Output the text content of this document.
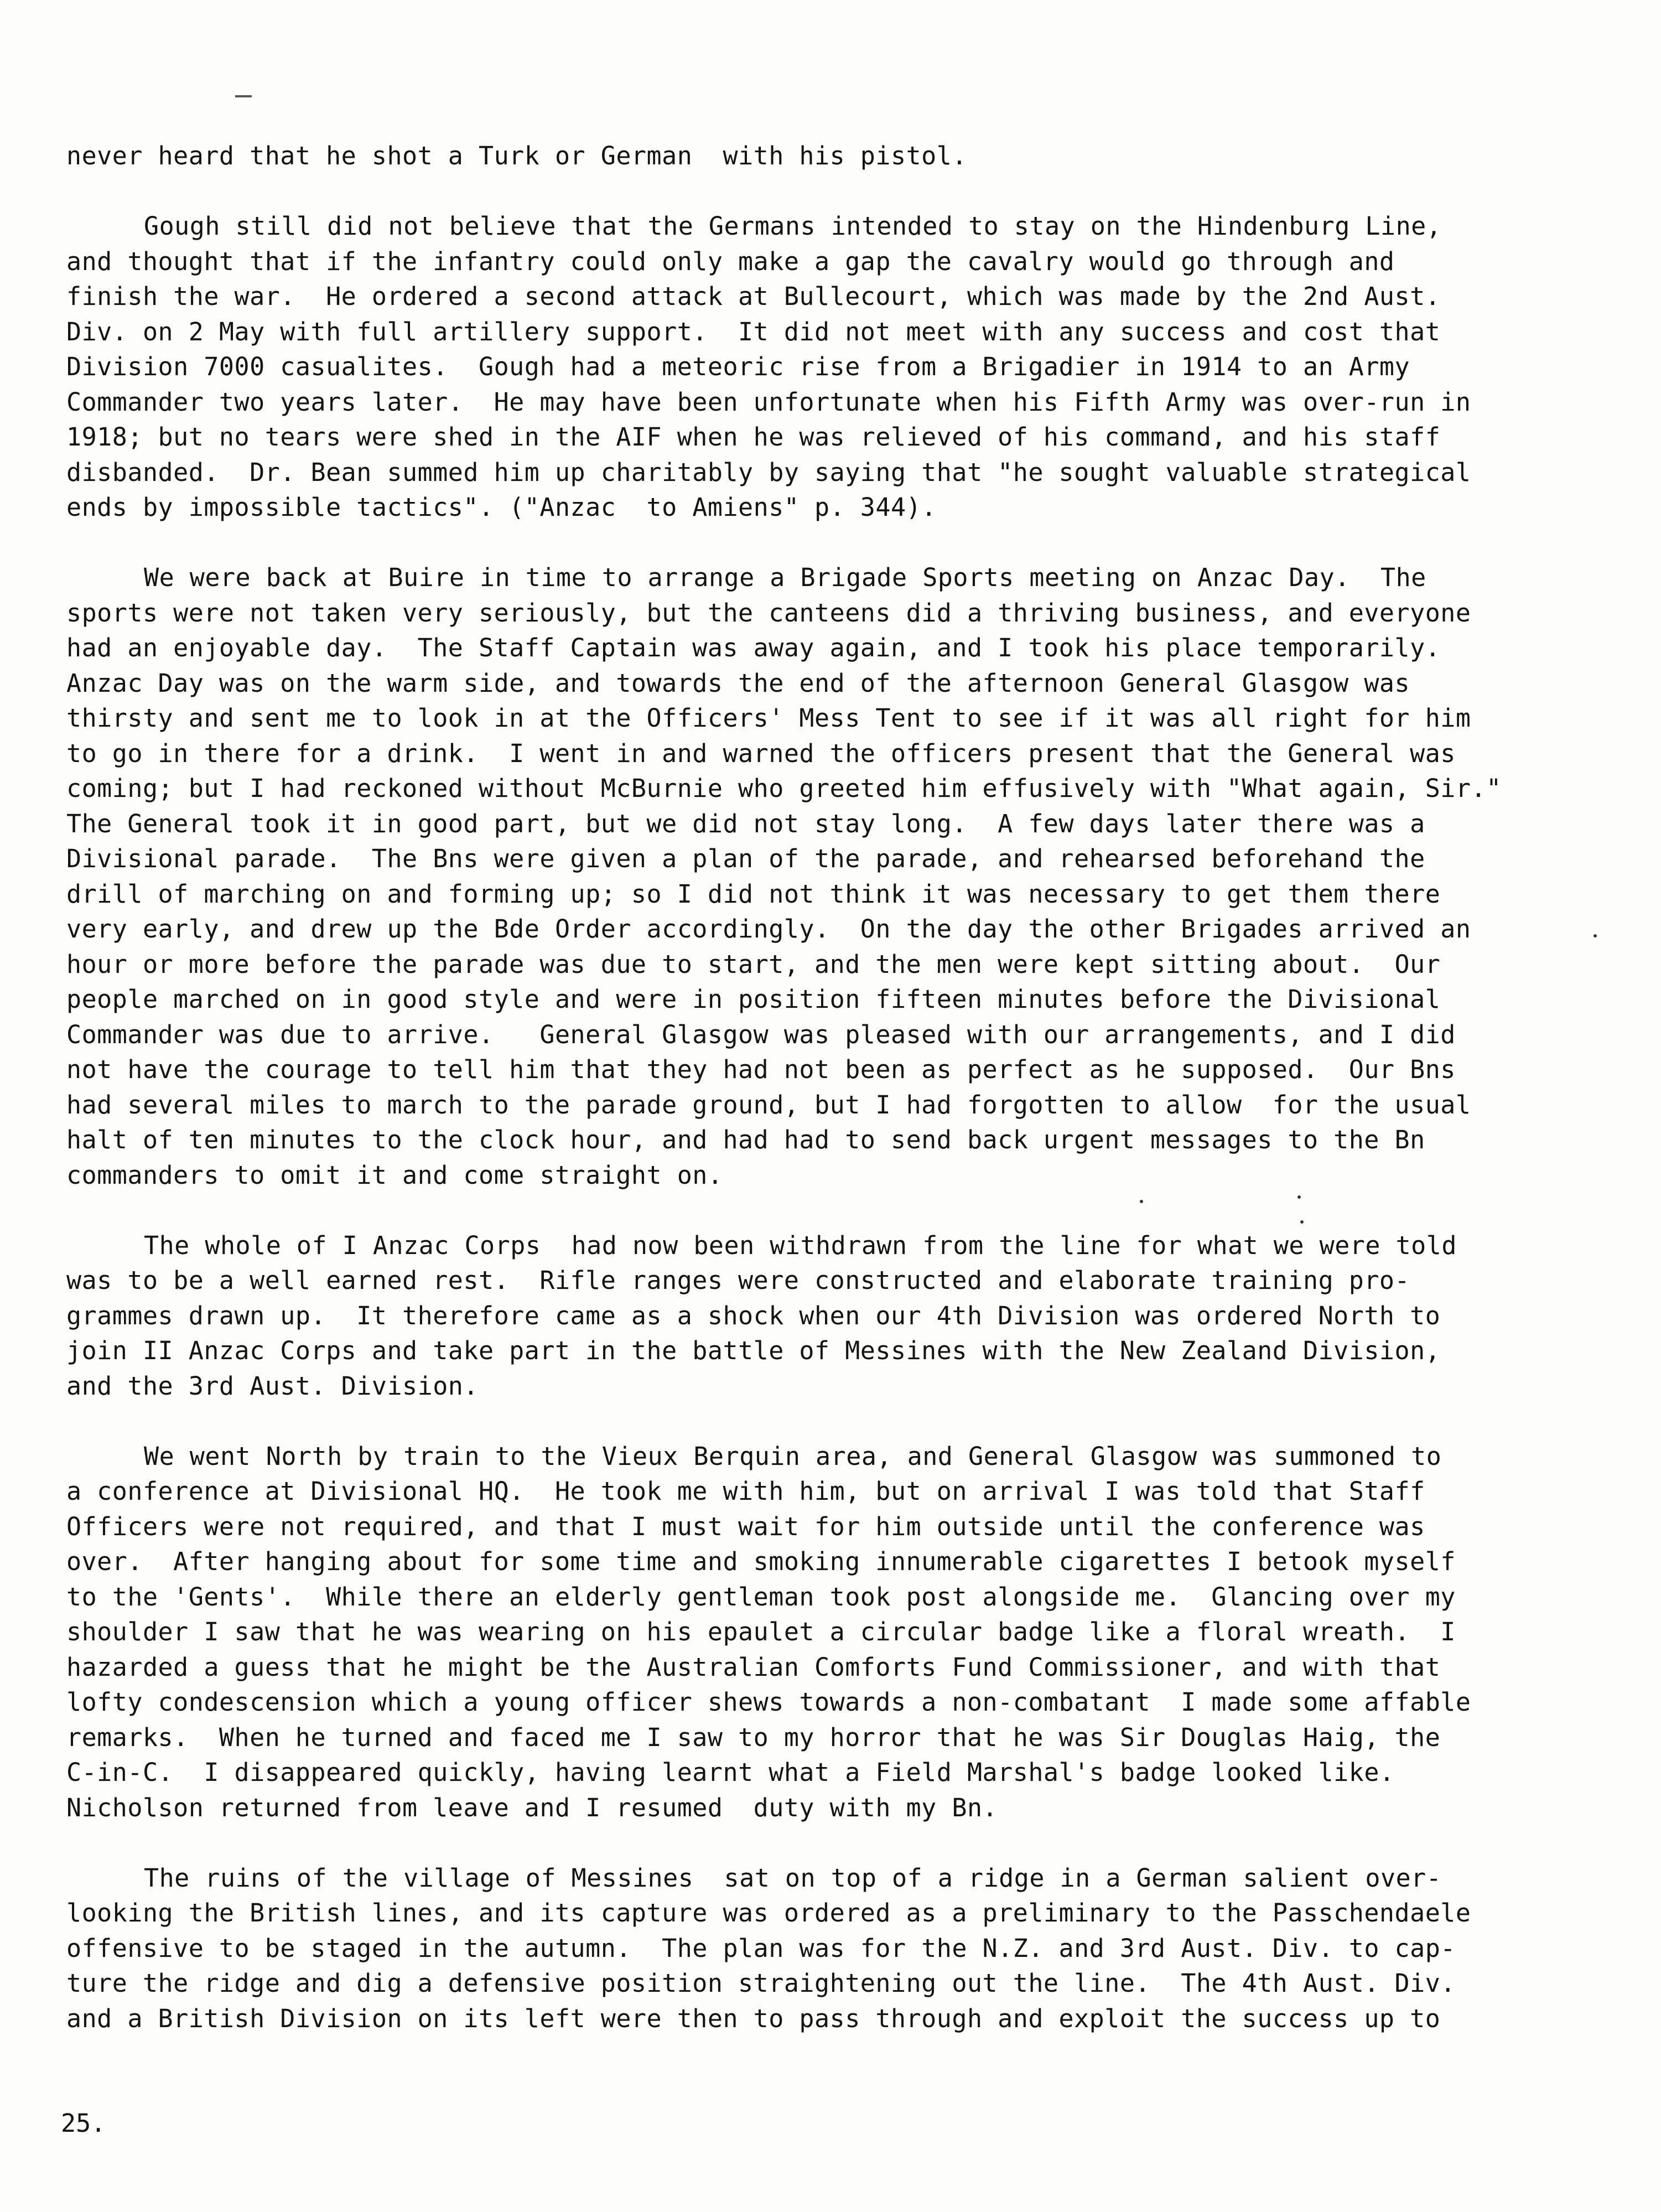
never heard that he shot a Turk or German  with his pistol.
Gough still did not believe that the Germans intended to stay on the Hindenburg Line,
and thought that if the infantry could only make a gap the cavalry would go through and
finish the war.  He ordered a second attack at Bullecourt, which was made by the 2nd Aust.
Div. on 2 May with full artillery support.  It did not meet with any success and cost that
Division 7000 casualites.  Gough had a meteoric rise from a Brigadier in 1914 to an Army
Commander two years later.  He may have been unfortunate when his Fifth Army was over-run in
1918; but no tears were shed in the AIF when he was relieved of his command, and his staff
disbanded.  Dr. Bean summed him up charitably by saying that "he sought valuable strategical
ends by impossible tactics". ("Anzac  to Amiens" p. 344).
We were back at Buire in time to arrange a Brigade Sports meeting on Anzac Day.  The
sports were not taken very seriously, but the canteens did a thriving business, and everyone
had an enjoyable day.  The Staff Captain was away again, and I took his place temporarily.
Anzac Day was on the warm side, and towards the end of the afternoon General Glasgow was
thirsty and sent me to look in at the Officers' Mess Tent to see if it was all right for him
to go in there for a drink.  I went in and warned the officers present that the General was
coming; but I had reckoned without McBurnie who greeted him effusively with "What again, Sir."
The General took it in good part, but we did not stay long.  A few days later there was a
Divisional parade.  The Bns were given a plan of the parade, and rehearsed beforehand the
drill of marching on and forming up; so I did not think it was necessary to get them there
very early, and drew up the Bde Order accordingly.  On the day the other Brigades arrived an
hour or more before the parade was due to start, and the men were kept sitting about.  Our
people marched on in good style and were in position fifteen minutes before the Divisional
Commander was due to arrive.   General Glasgow was pleased with our arrangements, and I did
not have the courage to tell him that they had not been as perfect as he supposed.  Our Bns
had several miles to march to the parade ground, but I had forgotten to allow  for the usual
halt of ten minutes to the clock hour, and had had to send back urgent messages to the Bn
commanders to omit it and come straight on.
The whole of I Anzac Corps  had now been withdrawn from the line for what we were told
was to be a well earned rest.  Rifle ranges were constructed and elaborate training pro-
grammes drawn up.  It therefore came as a shock when our 4th Division was ordered North to
join II Anzac Corps and take part in the battle of Messines with the New Zealand Division,
and the 3rd Aust. Division.
We went North by train to the Vieux Berquin area, and General Glasgow was summoned to
a conference at Divisional HQ.  He took me with him, but on arrival I was told that Staff
Officers were not required, and that I must wait for him outside until the conference was
over.  After hanging about for some time and smoking innumerable cigarettes I betook myself
to the 'Gents'.  While there an elderly gentleman took post alongside me.  Glancing over my
shoulder I saw that he was wearing on his epaulet a circular badge like a floral wreath.  I
hazarded a guess that he might be the Australian Comforts Fund Commissioner, and with that
lofty condescension which a young officer shews towards a non-combatant  I made some affable
remarks.  When he turned and faced me I saw to my horror that he was Sir Douglas Haig, the
C-in-C.  I disappeared quickly, having learnt what a Field Marshal's badge looked like.
Nicholson returned from leave and I resumed  duty with my Bn.
The ruins of the village of Messines  sat on top of a ridge in a German salient over-
looking the British lines, and its capture was ordered as a preliminary to the Passchendaele
offensive to be staged in the autumn.  The plan was for the N.Z. and 3rd Aust. Div. to cap-
ture the ridge and dig a defensive position straightening out the line.  The 4th Aust. Div.
and a British Division on its left were then to pass through and exploit the success up to
25.
